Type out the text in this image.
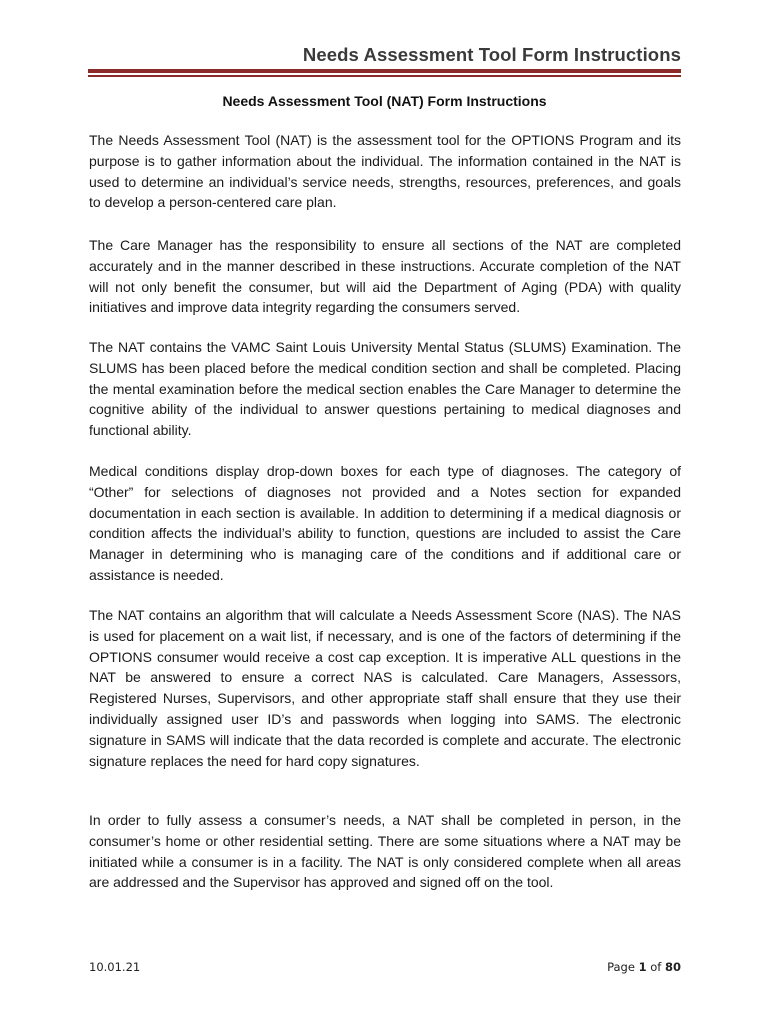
Needs Assessment Tool Form Instructions
Needs Assessment Tool (NAT) Form Instructions

The Needs Assessment Tool (NAT) is the assessment tool for the OPTIONS Program and its purpose is to gather information about the individual. The information contained in the NAT is used to determine an individual’s service needs, strengths, resources, preferences, and goals to develop a person-centered care plan.

The Care Manager has the responsibility to ensure all sections of the NAT are completed accurately and in the manner described in these instructions. Accurate completion of the NAT will not only benefit the consumer, but will aid the Department of Aging (PDA) with quality initiatives and improve data integrity regarding the consumers served.

The NAT contains the VAMC Saint Louis University Mental Status (SLUMS) Examination. The SLUMS has been placed before the medical condition section and shall be completed. Placing the mental examination before the medical section enables the Care Manager to determine the cognitive ability of the individual to answer questions pertaining to medical diagnoses and functional ability.

Medical conditions display drop-down boxes for each type of diagnoses. The category of “Other” for selections of diagnoses not provided and a Notes section for expanded documentation in each section is available. In addition to determining if a medical diagnosis or condition affects the individual’s ability to function, questions are included to assist the Care Manager in determining who is managing care of the conditions and if additional care or assistance is needed.

The NAT contains an algorithm that will calculate a Needs Assessment Score (NAS). The NAS is used for placement on a wait list, if necessary, and is one of the factors of determining if the OPTIONS consumer would receive a cost cap exception. It is imperative ALL questions in the NAT be answered to ensure a correct NAS is calculated. Care Managers, Assessors, Registered Nurses, Supervisors, and other appropriate staff shall ensure that they use their individually assigned user ID’s and passwords when logging into SAMS. The electronic signature in SAMS will indicate that the data recorded is complete and accurate. The electronic signature replaces the need for hard copy signatures.

In order to fully assess a consumer’s needs, a NAT shall be completed in person, in the consumer’s home or other residential setting. There are some situations where a NAT may be initiated while a consumer is in a facility. The NAT is only considered complete when all areas are addressed and the Supervisor has approved and signed off on the tool.

10.01.21	Page 1 of 80
